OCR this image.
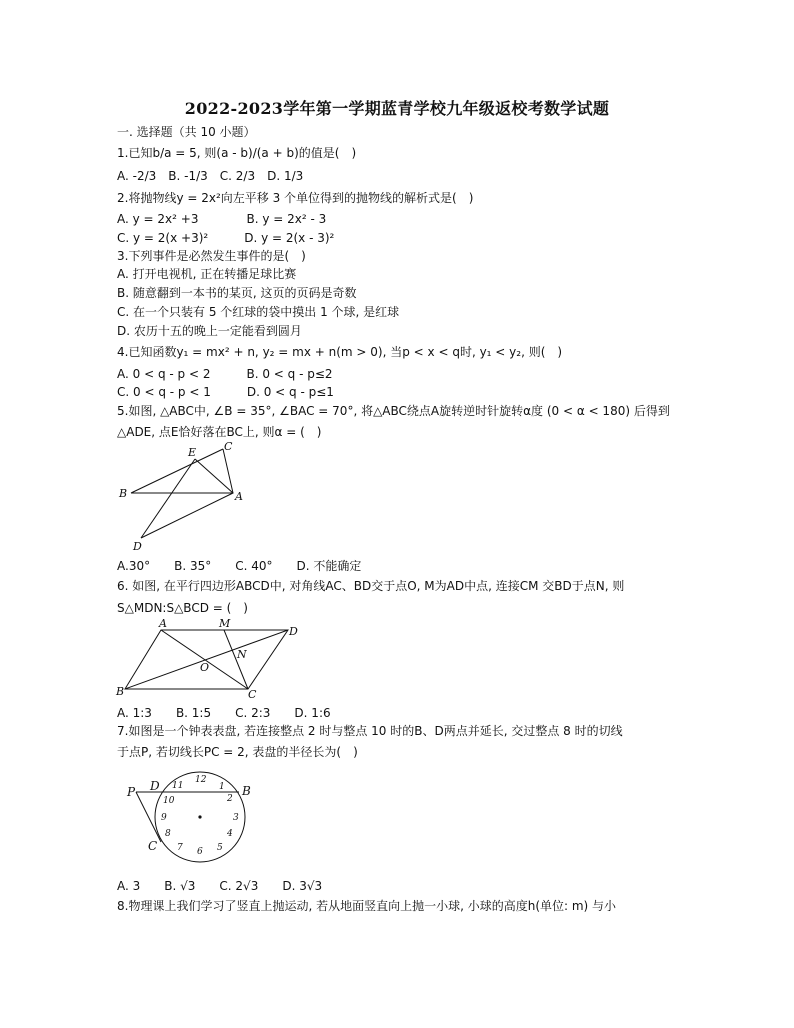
2022-2023学年第一学期蓝青学校九年级返校考数学试题
一. 选择题（共 10 小题）
1.已知b/a = 5, 则(a - b)/(a + b)的值是(　)
A. -2/3　B. -1/3　C. 2/3　D. 1/3
2.将抛物线y = 2x²向左平移 3 个单位得到的抛物线的解析式是(　)
A. y = 2x² +3　　　　B. y = 2x² - 3
C. y = 2(x +3)²　　　D. y = 2(x - 3)²
3.下列事件是必然发生事件的是(　)
A. 打开电视机, 正在转播足球比赛
B. 随意翻到一本书的某页, 这页的页码是奇数
C. 在一个只装有 5 个红球的袋中摸出 1 个球, 是红球
D. 农历十五的晚上一定能看到圆月
4.已知函数y₁ = mx² + n, y₂ = mx + n(m > 0), 当p < x < q时, y₁ < y₂, 则(　)
A. 0 < q - p < 2　　　B. 0 < q - p≤2
C. 0 < q - p < 1　　　D. 0 < q - p≤1
5.如图, △ABC中, ∠B = 35°, ∠BAC = 70°, 将△ABC绕点A旋转逆时针旋转α度 (0 < α < 180) 后得到
△ADE, 点E恰好落在BC上, 则α = (　)
E	C
B	A
D
A.30°　　B. 35°　　C. 40°　　D. 不能确定
6. 如图, 在平行四边形ABCD中, 对角线AC、BD交于点O, M为AD中点, 连接CM 交BD于点N, 则
S△MDN:S△BCD = (　)
A	M
D
N
O
B	C
A. 1:3　　B. 1:5　　C. 2:3　　D. 1:6
7.如图是一个钟表表盘, 若连接整点 2 时与整点 10 时的B、D两点并延长, 交过整点 8 时的切线
于点P, 若切线长PC = 2, 表盘的半径长为(　)
12
1
2
3
4
5
6
7
8
9
10
11
P D	B
C
A. 3　　B. √3　　C. 2√3　　D. 3√3
8.物理课上我们学习了竖直上抛运动, 若从地面竖直向上抛一小球, 小球的高度h(单位: m) 与小
